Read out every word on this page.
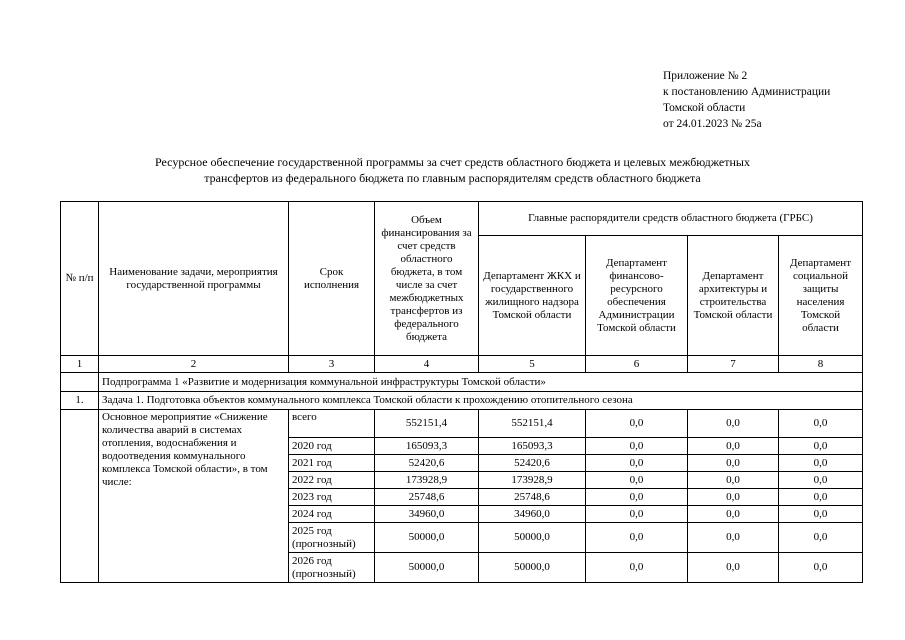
Приложение № 2
к постановлению Администрации
Томской области
от 24.01.2023 № 25а
Ресурсное обеспечение государственной программы за счет средств областного бюджета и целевых межбюджетных
трансфертов из федерального бюджета по главным распорядителям средств областного бюджета
№ п/п	Наименование задачи, мероприятия государственной программы	Срок исполнения	Объем финансирования за счет средств областного бюджета, в том числе за счет межбюджетных трансфертов из федерального бюджета	Главные распорядители средств областного бюджета (ГРБС)			
				Департамент ЖКХ и государственного жилищного надзора Томской области	Департамент финансово-ресурсного обеспечения Администрации Томской области	Департамент архитектуры и строительства Томской области	Департамент социальной защиты населения Томской области
1	2	3	4	5	6	7	8
	Подпрограмма 1 «Развитие и модернизация коммунальной инфраструктуры Томской области»						
1.	Задача 1. Подготовка объектов коммунального комплекса Томской области к прохождению отопительного сезона						
	Основное мероприятие «Снижение количества аварий в системах отопления, водоснабжения и водоотведения коммунального комплекса Томской области», в том числе:	всего	552151,4	552151,4	0,0	0,0	0,0
		2020 год	165093,3	165093,3	0,0	0,0	0,0
		2021 год	52420,6	52420,6	0,0	0,0	0,0
		2022 год	173928,9	173928,9	0,0	0,0	0,0
		2023 год	25748,6	25748,6	0,0	0,0	0,0
		2024 год	34960,0	34960,0	0,0	0,0	0,0
		2025 год (прогнозный)	50000,0	50000,0	0,0	0,0	0,0
		2026 год (прогнозный)	50000,0	50000,0	0,0	0,0	0,0
